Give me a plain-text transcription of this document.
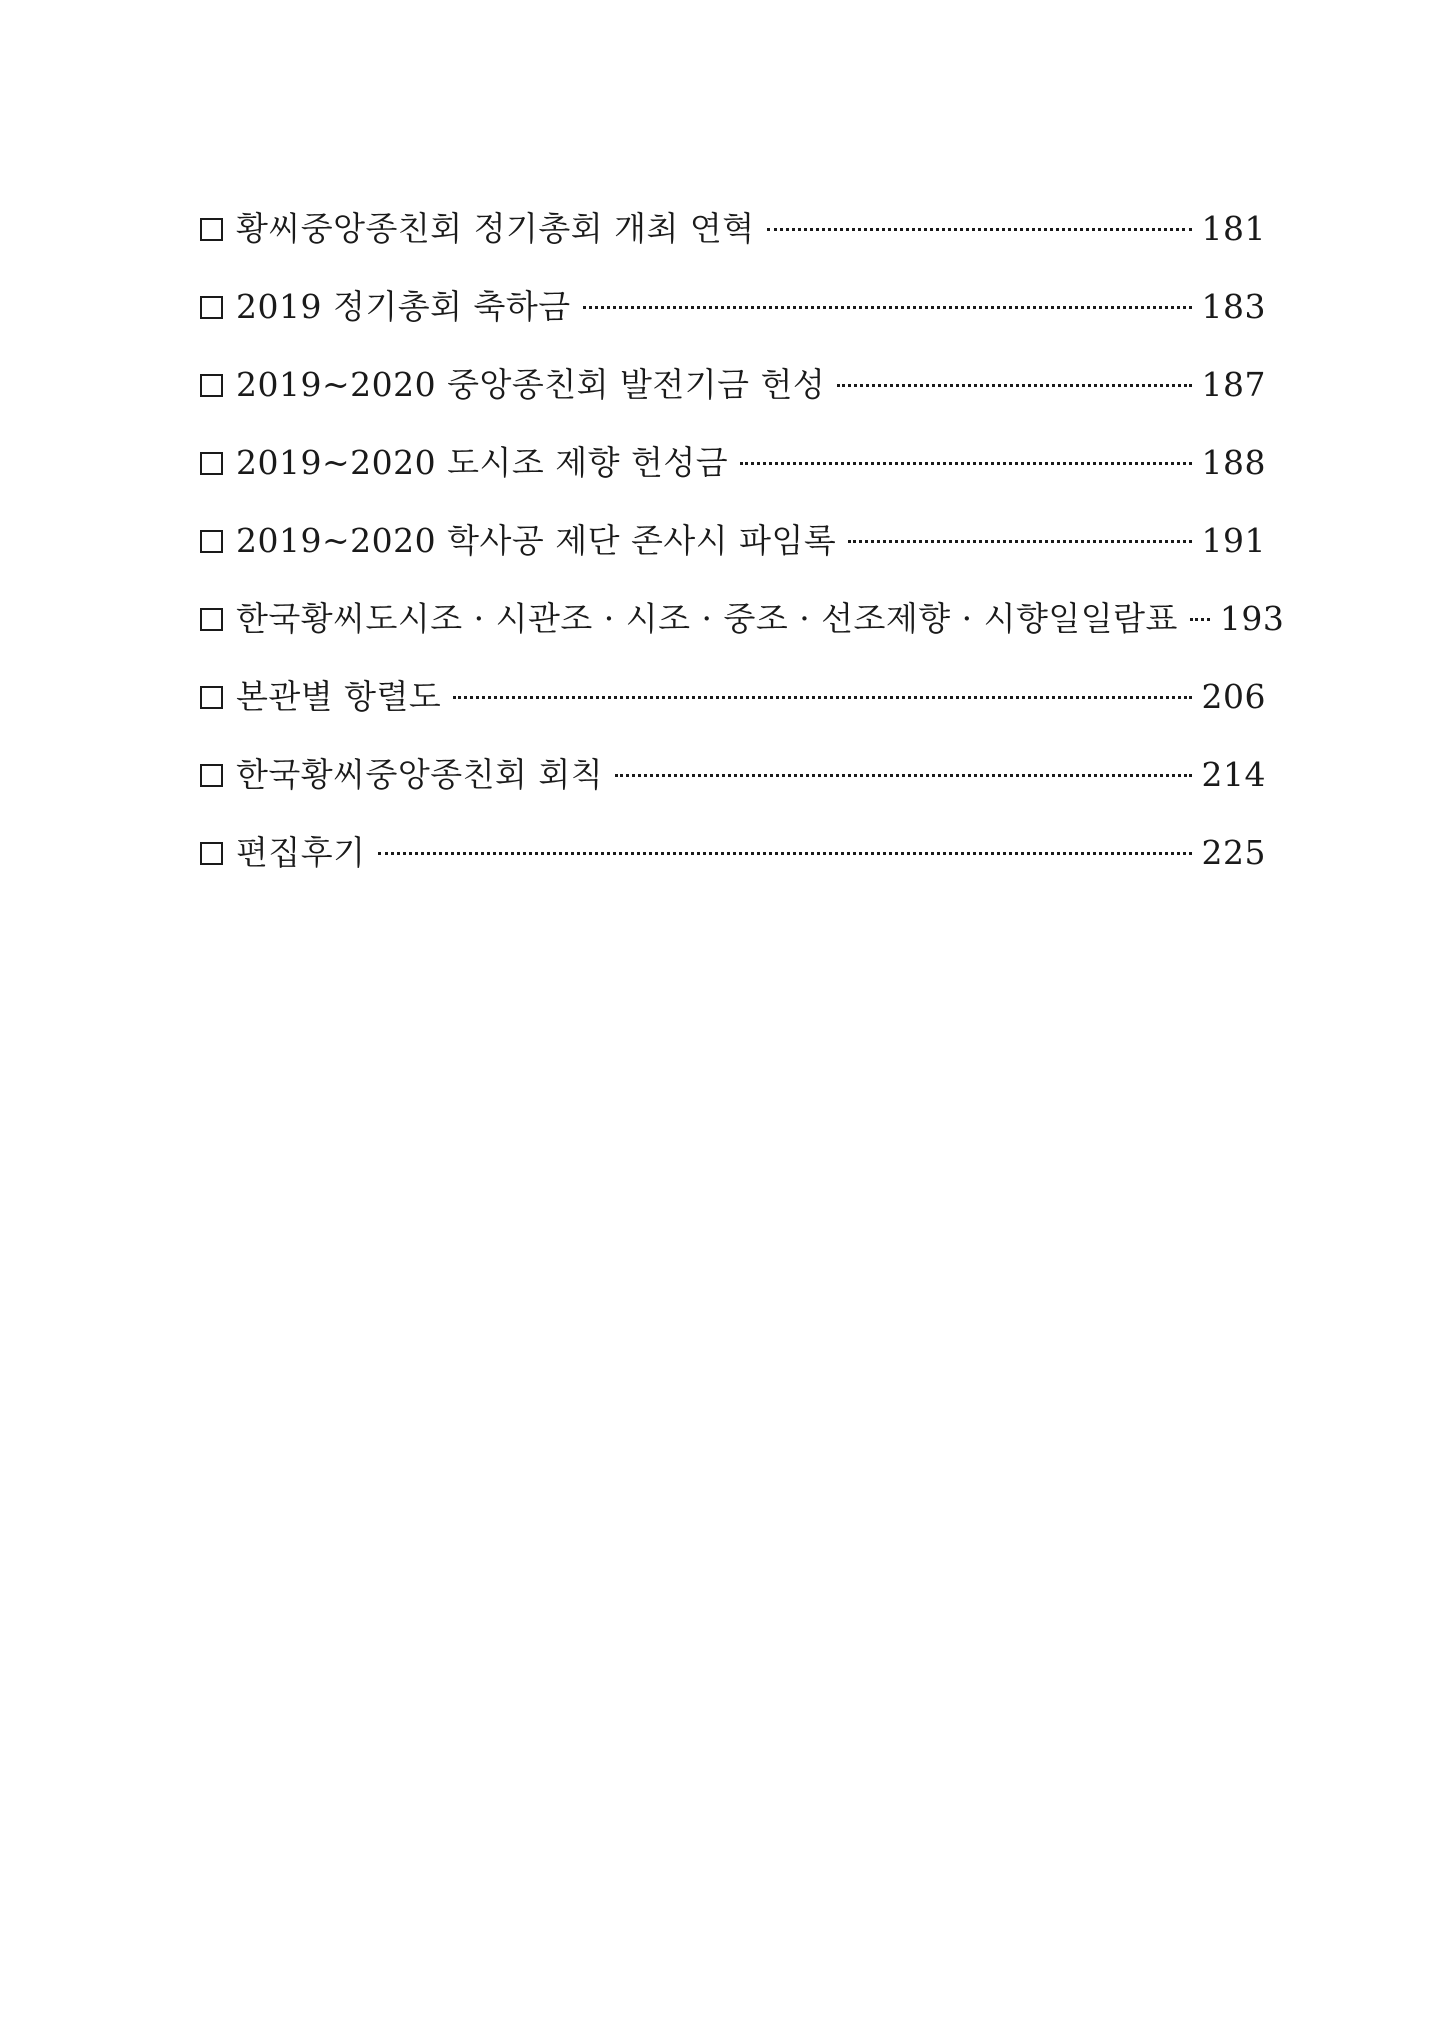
황씨중앙종친회 정기총회 개최 연혁	181
2019 정기총회 축하금	183
2019~2020 중앙종친회 발전기금 헌성	187
2019~2020 도시조 제향 헌성금	188
2019~2020 학사공 제단 존사시 파임록	191
한국황씨도시조 · 시관조 · 시조 · 중조 · 선조제향 · 시향일일람표 193
본관별 항렬도	206
한국황씨중앙종친회 회칙	214
편집후기	225
